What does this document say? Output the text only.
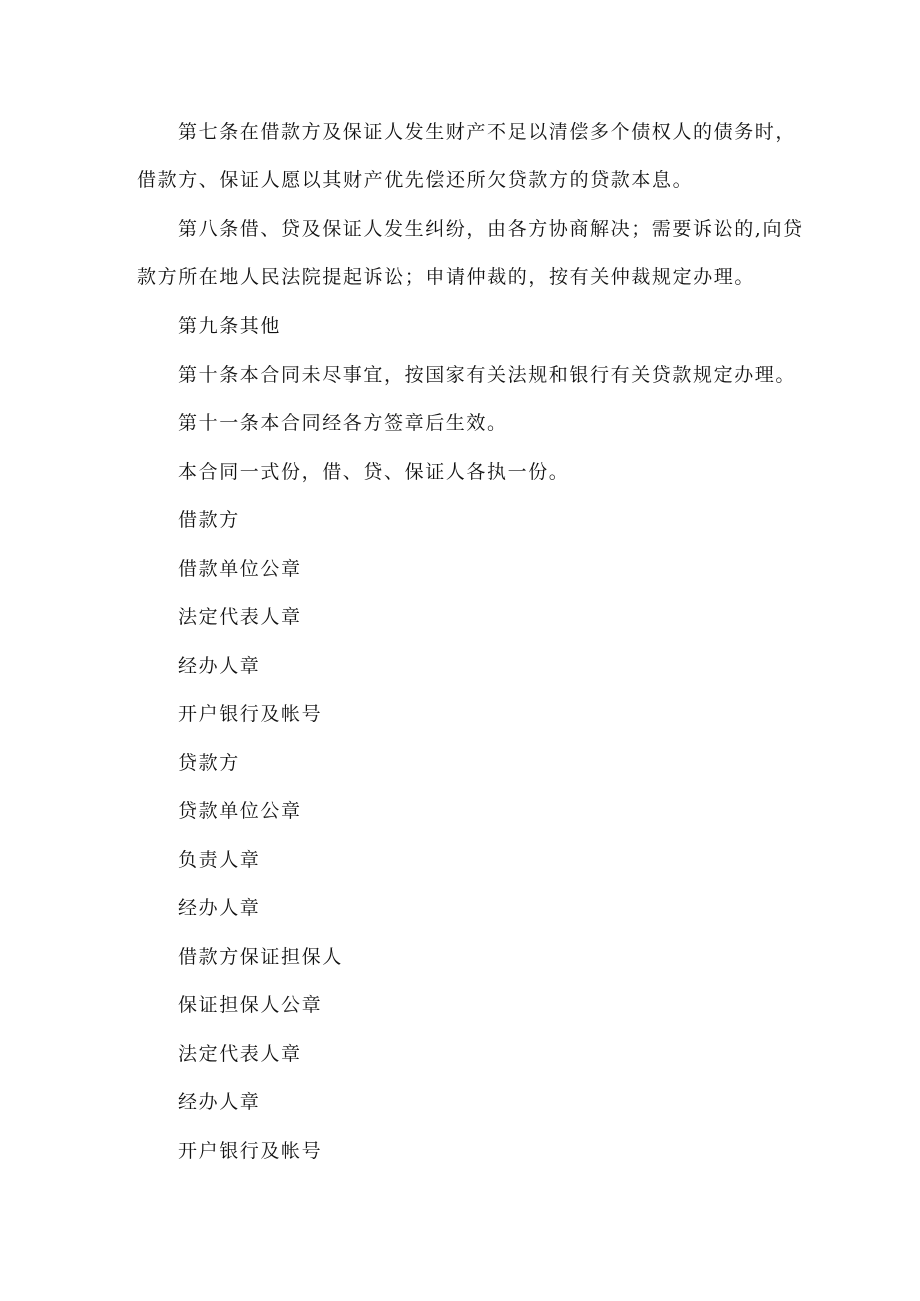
第七条在借款方及保证人发生财产不足以清偿多个债权人的债务时，
借款方、保证人愿以其财产优先偿还所欠贷款方的贷款本息。

第八条借、贷及保证人发生纠纷，由各方协商解决；需要诉讼的,向贷
款方所在地人民法院提起诉讼；申请仲裁的，按有关仲裁规定办理。

第九条其他

第十条本合同未尽事宜，按国家有关法规和银行有关贷款规定办理。

第十一条本合同经各方签章后生效。

本合同一式份，借、贷、保证人各执一份。

借款方

借款单位公章

法定代表人章

经办人章

开户银行及帐号

贷款方

贷款单位公章

负责人章

经办人章

借款方保证担保人

保证担保人公章

法定代表人章

经办人章

开户银行及帐号
